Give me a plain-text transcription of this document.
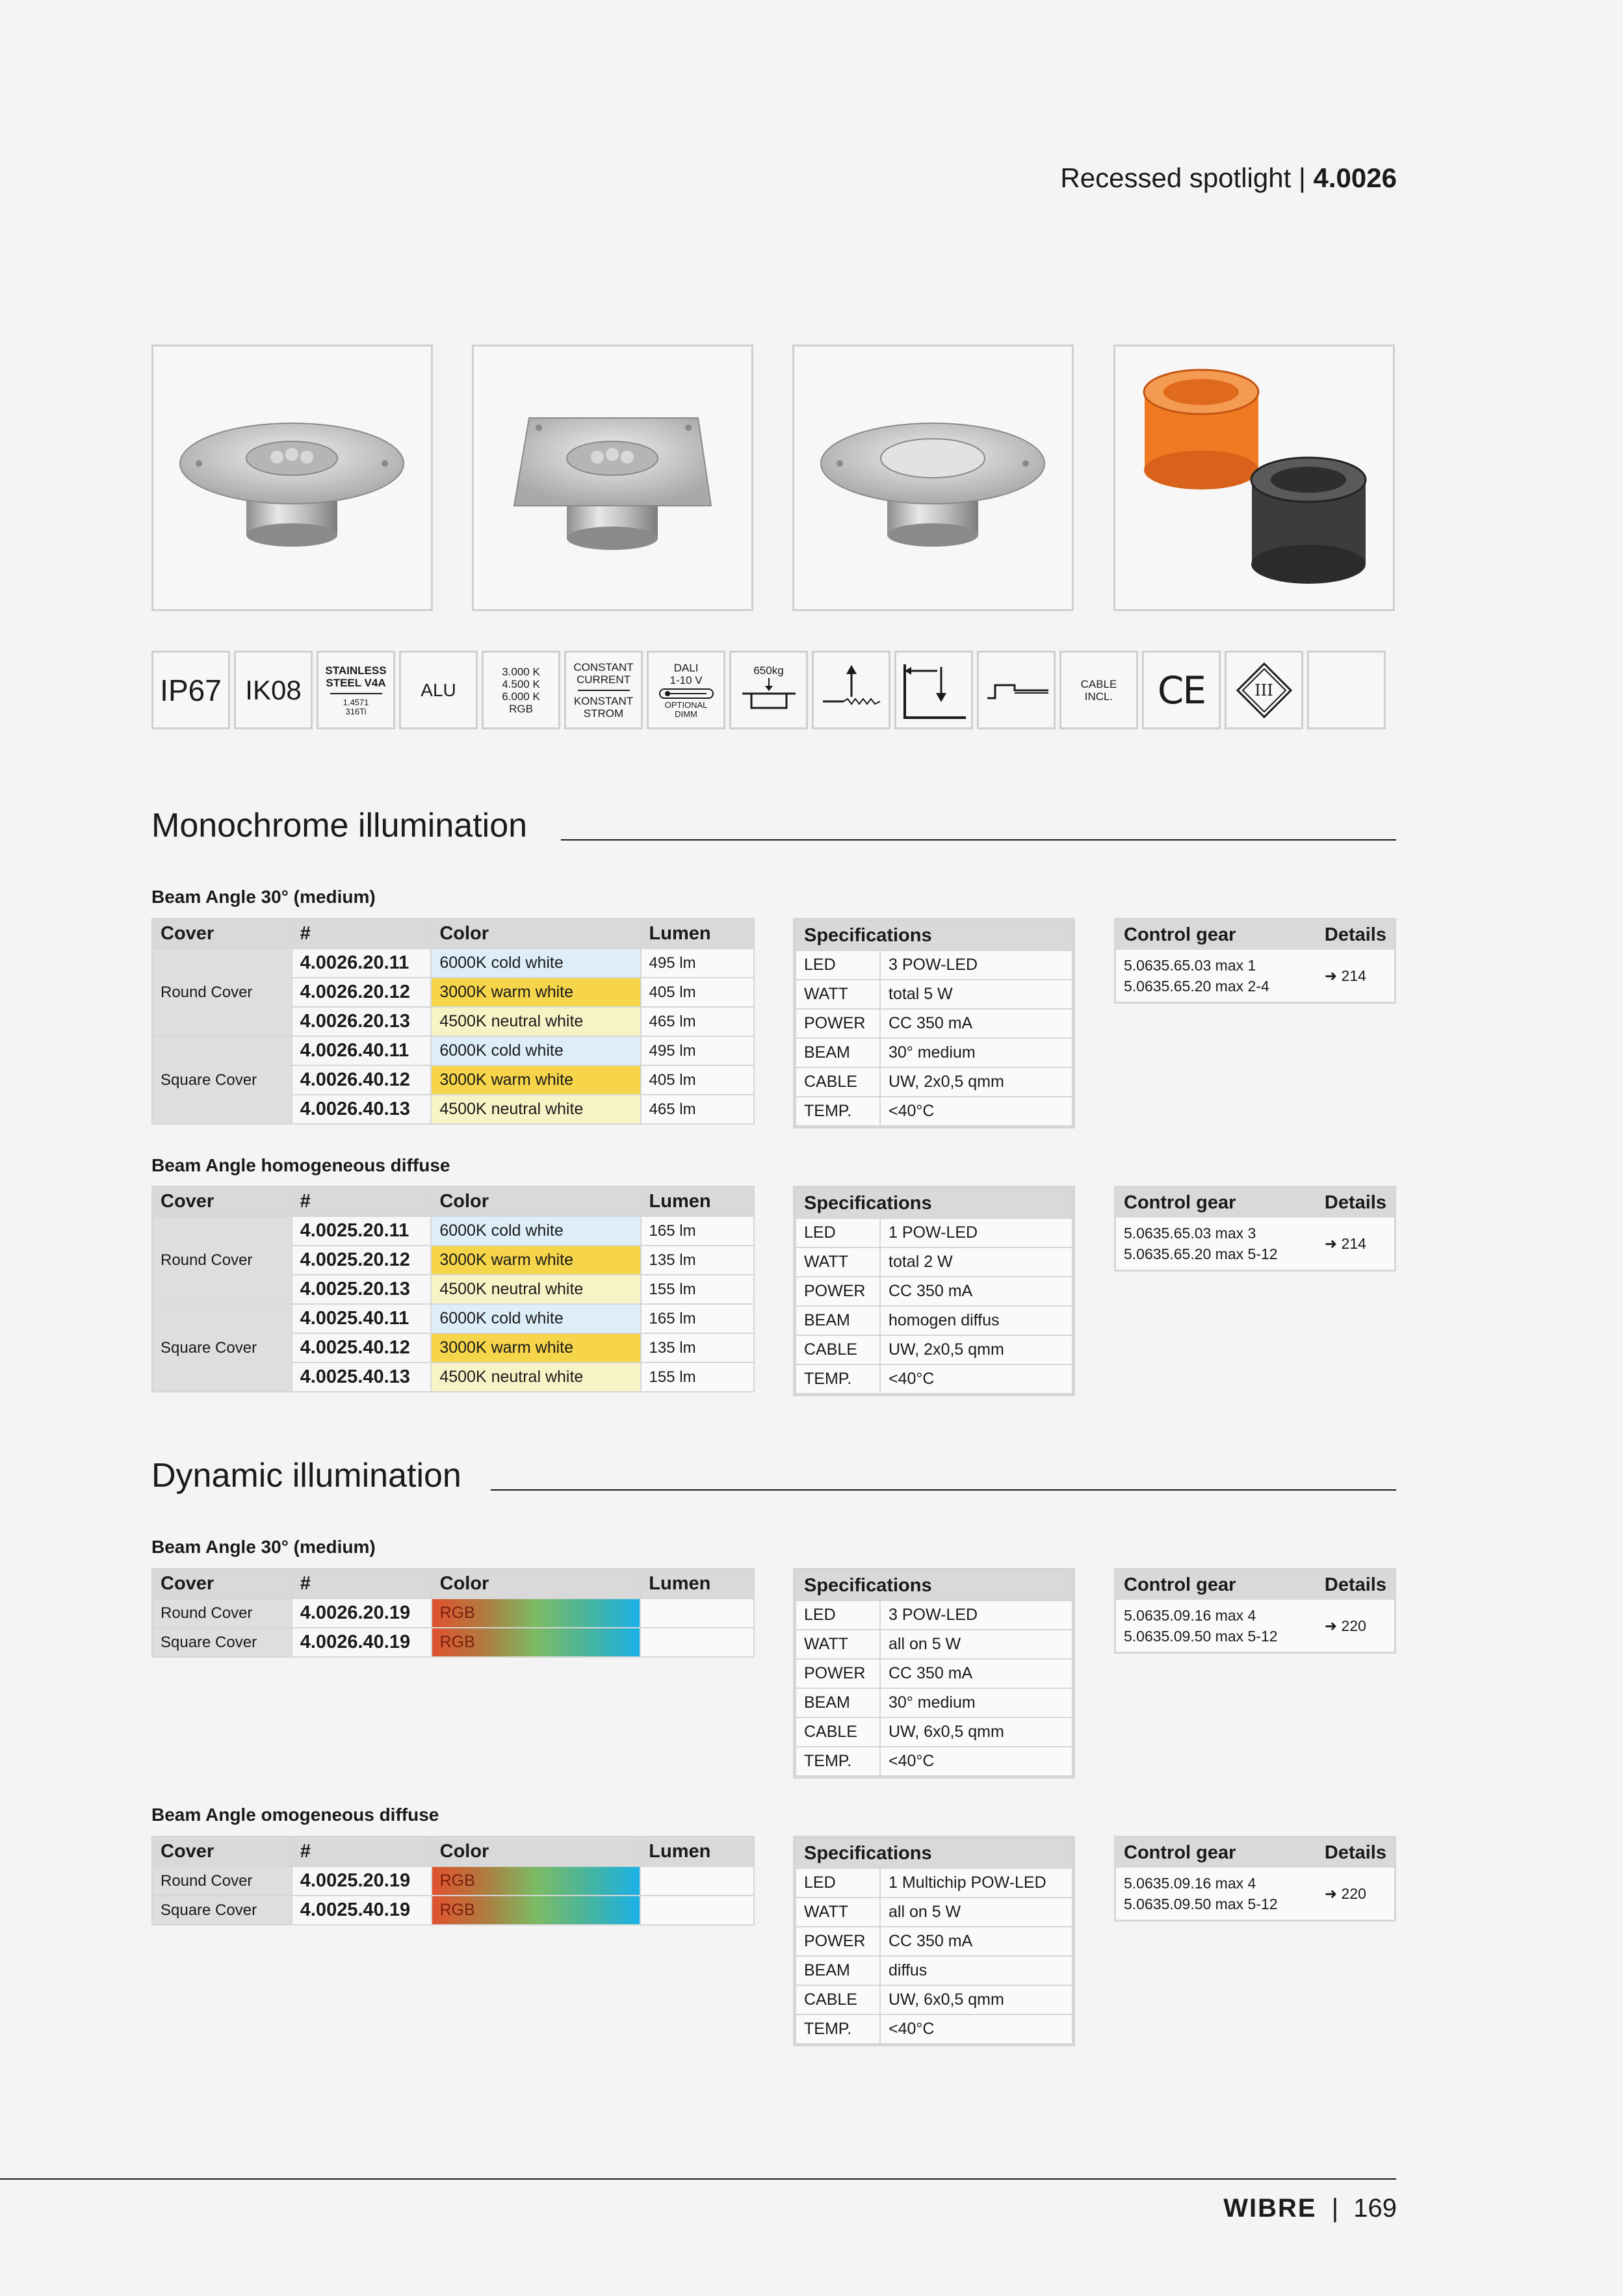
Recessed spotlight | 4.0026
IP67 IK08
STAINLESS
STEEL V4A
1.4571
316Ti
ALU
3.000 K
4.500 K
6.000 K
RGB
CONSTANT CURRENT
KONSTANT STROM
DALI
1-10 V
OPTIONAL DIMM
650kg
CABLE INCL.	CE	III
Monochrome illumination
Beam Angle 30° (medium)
Cover	#	Color	Lumen
Round Cover	4.0026.20.11	6000K cold white	495 lm
	4.0026.20.12	3000K warm white	405 lm
	4.0026.20.13	4500K neutral white	465 lm
Square Cover	4.0026.40.11	6000K cold white	495 lm
	4.0026.40.12	3000K warm white	405 lm
	4.0026.40.13	4500K neutral white	465 lm
Specifications	
LED	3 POW-LED
WATT	total 5 W
POWER	CC 350 mA
BEAM	30° medium
CABLE	UW, 2x0,5 qmm
TEMP.	<40°C
Control gear	Details

5.0635.65.03 max 1
5.0635.65.20 max 2-4	➜ 214
Beam Angle homogeneous diffuse
Cover	#	Color	Lumen
Round Cover	4.0025.20.11	6000K cold white	165 lm
	4.0025.20.12	3000K warm white	135 lm
	4.0025.20.13	4500K neutral white	155 lm
Square Cover	4.0025.40.11	6000K cold white	165 lm
	4.0025.40.12	3000K warm white	135 lm
	4.0025.40.13	4500K neutral white	155 lm
Specifications	
LED	1 POW-LED
WATT	total 2 W
POWER	CC 350 mA
BEAM	homogen diffus
CABLE	UW, 2x0,5 qmm
TEMP.	<40°C
Control gear	Details

5.0635.65.03 max 3
5.0635.65.20 max 5-12	➜ 214
Dynamic illumination
Beam Angle 30° (medium)
Cover	#	Color	Lumen
Round Cover	4.0026.20.19	RGB	
Square Cover	4.0026.40.19	RGB	
Specifications	
LED	3 POW-LED
WATT	all on 5 W
POWER	CC 350 mA
BEAM	30° medium
CABLE	UW, 6x0,5 qmm
TEMP.	<40°C
Control gear	Details

5.0635.09.16 max 4
5.0635.09.50 max 5-12	➜ 220
Beam Angle omogeneous diffuse
Cover	#	Color	Lumen
Round Cover	4.0025.20.19	RGB	
Square Cover	4.0025.40.19	RGB	
Specifications	
LED	1 Multichip POW-LED
WATT	all on 5 W
POWER	CC 350 mA
BEAM	diffus
CABLE	UW, 6x0,5 qmm
TEMP.	<40°C
Control gear	Details

5.0635.09.16 max 4
5.0635.09.50 max 5-12	➜ 220
WIBRE | 169
